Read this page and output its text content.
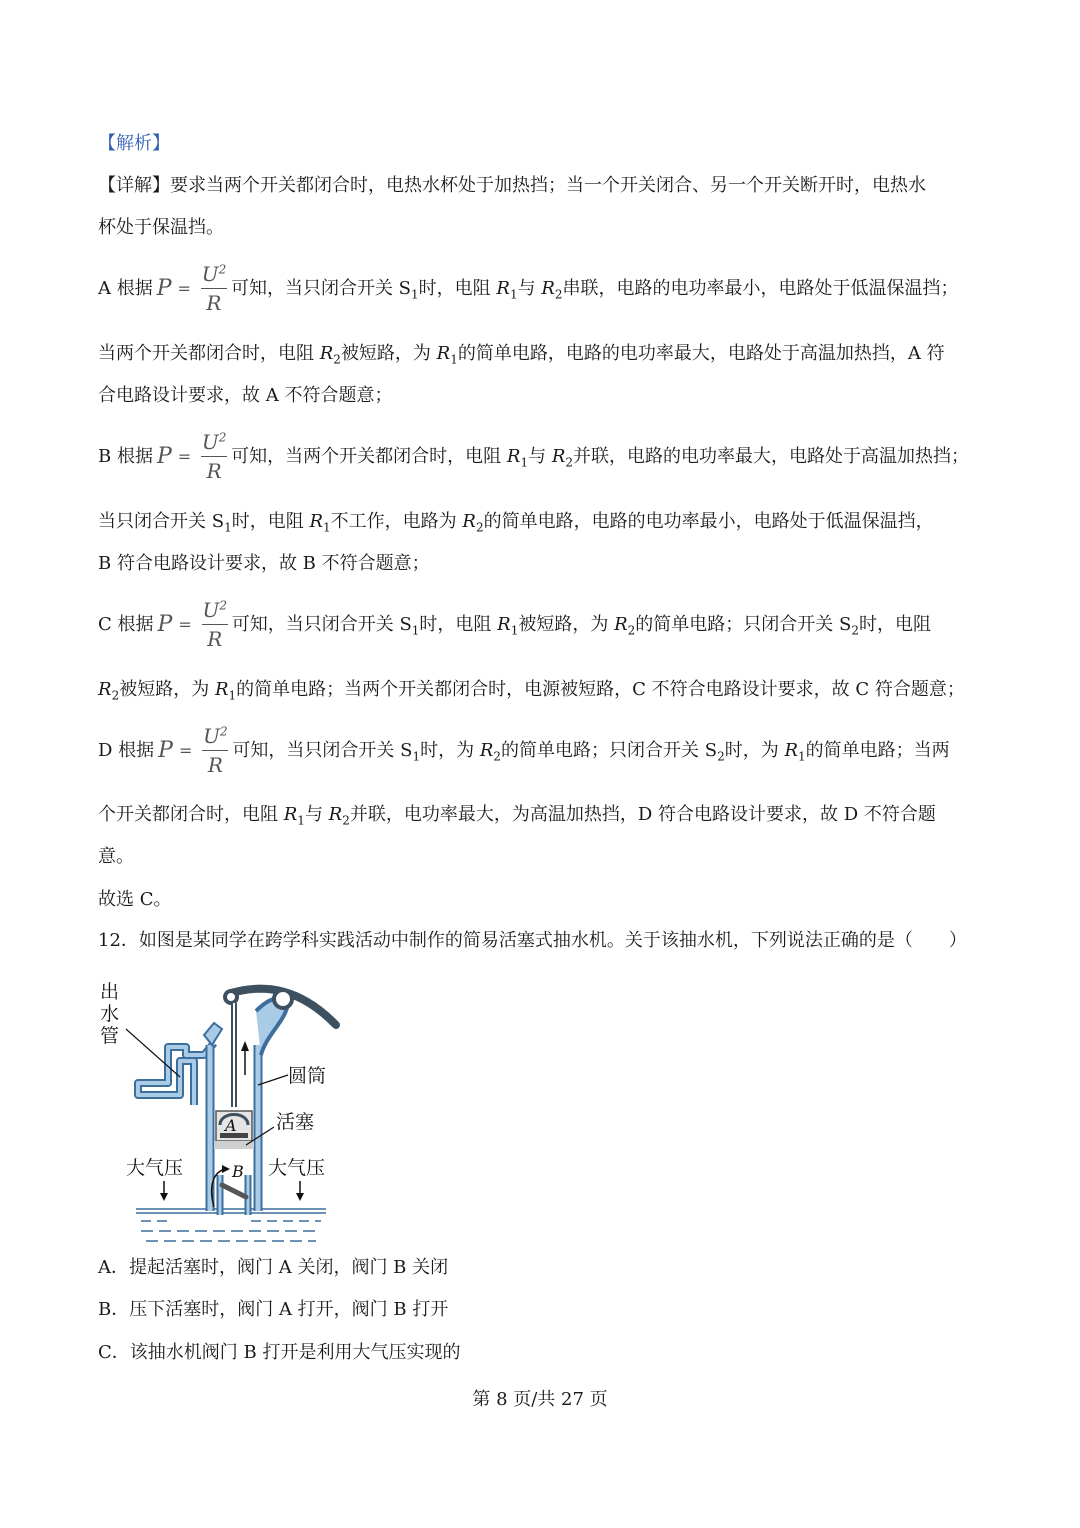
【解析】
【详解】要求当两个开关都闭合时，电热水杯处于加热挡；当一个开关闭合、另一个开关断开时，电热水
杯处于保温挡。
A 根据 $P = \frac{U^2}{R}$ 可知，当只闭合开关 $S_1$时，电阻 $R_1$与 $R_2$串联，电路的电功率最小，电路处于低温保温挡；
当两个开关都闭合时，电阻 $R_2$被短路，为 $R_1$的简单电路，电路的电功率最大，电路处于高温加热挡，A 符
合电路设计要求，故 A 不符合题意；
B 根据 $P = \frac{U^2}{R}$ 可知，当两个开关都闭合时，电阻 $R_1$与 $R_2$并联，电路的电功率最大，电路处于高温加热挡；
当只闭合开关 $S_1$时，电阻 $R_1$不工作，电路为 $R_2$的简单电路，电路的电功率最小，电路处于低温保温挡，
B 符合电路设计要求，故 B 不符合题意；
C 根据 $P = \frac{U^2}{R}$ 可知，当只闭合开关 $S_1$时，电阻 $R_1$被短路，为 $R_2$的简单电路；只闭合开关 $S_2$时，电阻
$R_2$被短路，为 $R_1$的简单电路；当两个开关都闭合时，电源被短路，C 不符合电路设计要求，故 C 符合题意；
D 根据 $P = \frac{U^2}{R}$ 可知，当只闭合开关 $S_1$时，为 $R_2$的简单电路；只闭合开关 $S_2$时，为 $R_1$的简单电路；当两
个开关都闭合时，电阻 $R_1$与 $R_2$并联，电功率最大，为高温加热挡，D 符合电路设计要求，故 D 不符合题
意。
故选 C。
12．如图是某同学在跨学科实践活动中制作的简易活塞式抽水机。关于该抽水机，下列说法正确的是（　　）
出
水
管
圆筒
活塞
大气压	大气压
A
B
A．提起活塞时，阀门 A 关闭，阀门 B 关闭
B．压下活塞时，阀门 A 打开，阀门 B 打开
C．该抽水机阀门 B 打开是利用大气压实现的
第 8 页/共 27 页
